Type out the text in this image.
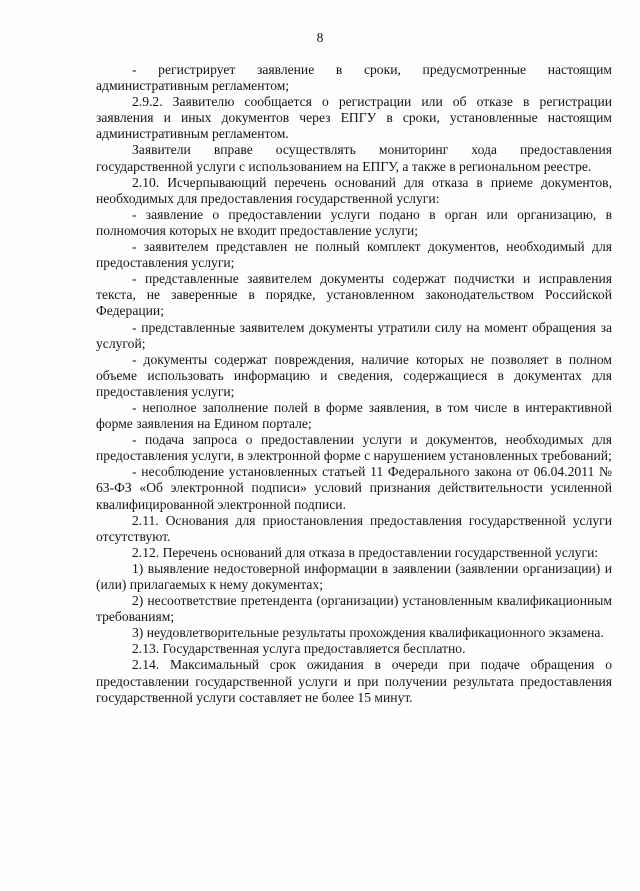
8

- регистрирует заявление в сроки, предусмотренные настоящим административным регламентом;

2.9.2. Заявителю сообщается о регистрации или об отказе в регистрации заявления и иных документов через ЕПГУ в сроки, установленные настоящим административным регламентом.

Заявители вправе осуществлять мониторинг хода предоставления государственной услуги с использованием на ЕПГУ, а также в региональном реестре.

2.10. Исчерпывающий перечень оснований для отказа в приеме документов, необходимых для предоставления государственной услуги:

- заявление о предоставлении услуги подано в орган или организацию, в полномочия которых не входит предоставление услуги;

- заявителем представлен не полный комплект документов, необходимый для предоставления услуги;

- представленные заявителем документы содержат подчистки и исправления текста, не заверенные в порядке, установленном законодательством Российской Федерации;

- представленные заявителем документы утратили силу на момент обращения за услугой;

- документы содержат повреждения, наличие которых не позволяет в полном объеме использовать информацию и сведения, содержащиеся в документах для предоставления услуги;

- неполное заполнение полей в форме заявления, в том числе в интерактивной форме заявления на Едином портале;

- подача запроса о предоставлении услуги и документов, необходимых для предоставления услуги, в электронной форме с нарушением установленных требований;

- несоблюдение установленных статьей 11 Федерального закона от 06.04.2011 № 63-ФЗ «Об электронной подписи» условий признания действительности усиленной квалифицированной электронной подписи.

2.11. Основания для приостановления предоставления государственной услуги отсутствуют.

2.12. Перечень оснований для отказа в предоставлении государственной услуги:

1) выявление недостоверной информации в заявлении (заявлении организации) и (или) прилагаемых к нему документах;

2) несоответствие претендента (организации) установленным квалификационным требованиям;

3) неудовлетворительные результаты прохождения квалификационного экзамена.

2.13. Государственная услуга предоставляется бесплатно.

2.14. Максимальный срок ожидания в очереди при подаче обращения о предоставлении государственной услуги и при получении результата предоставления государственной услуги составляет не более 15 минут.
